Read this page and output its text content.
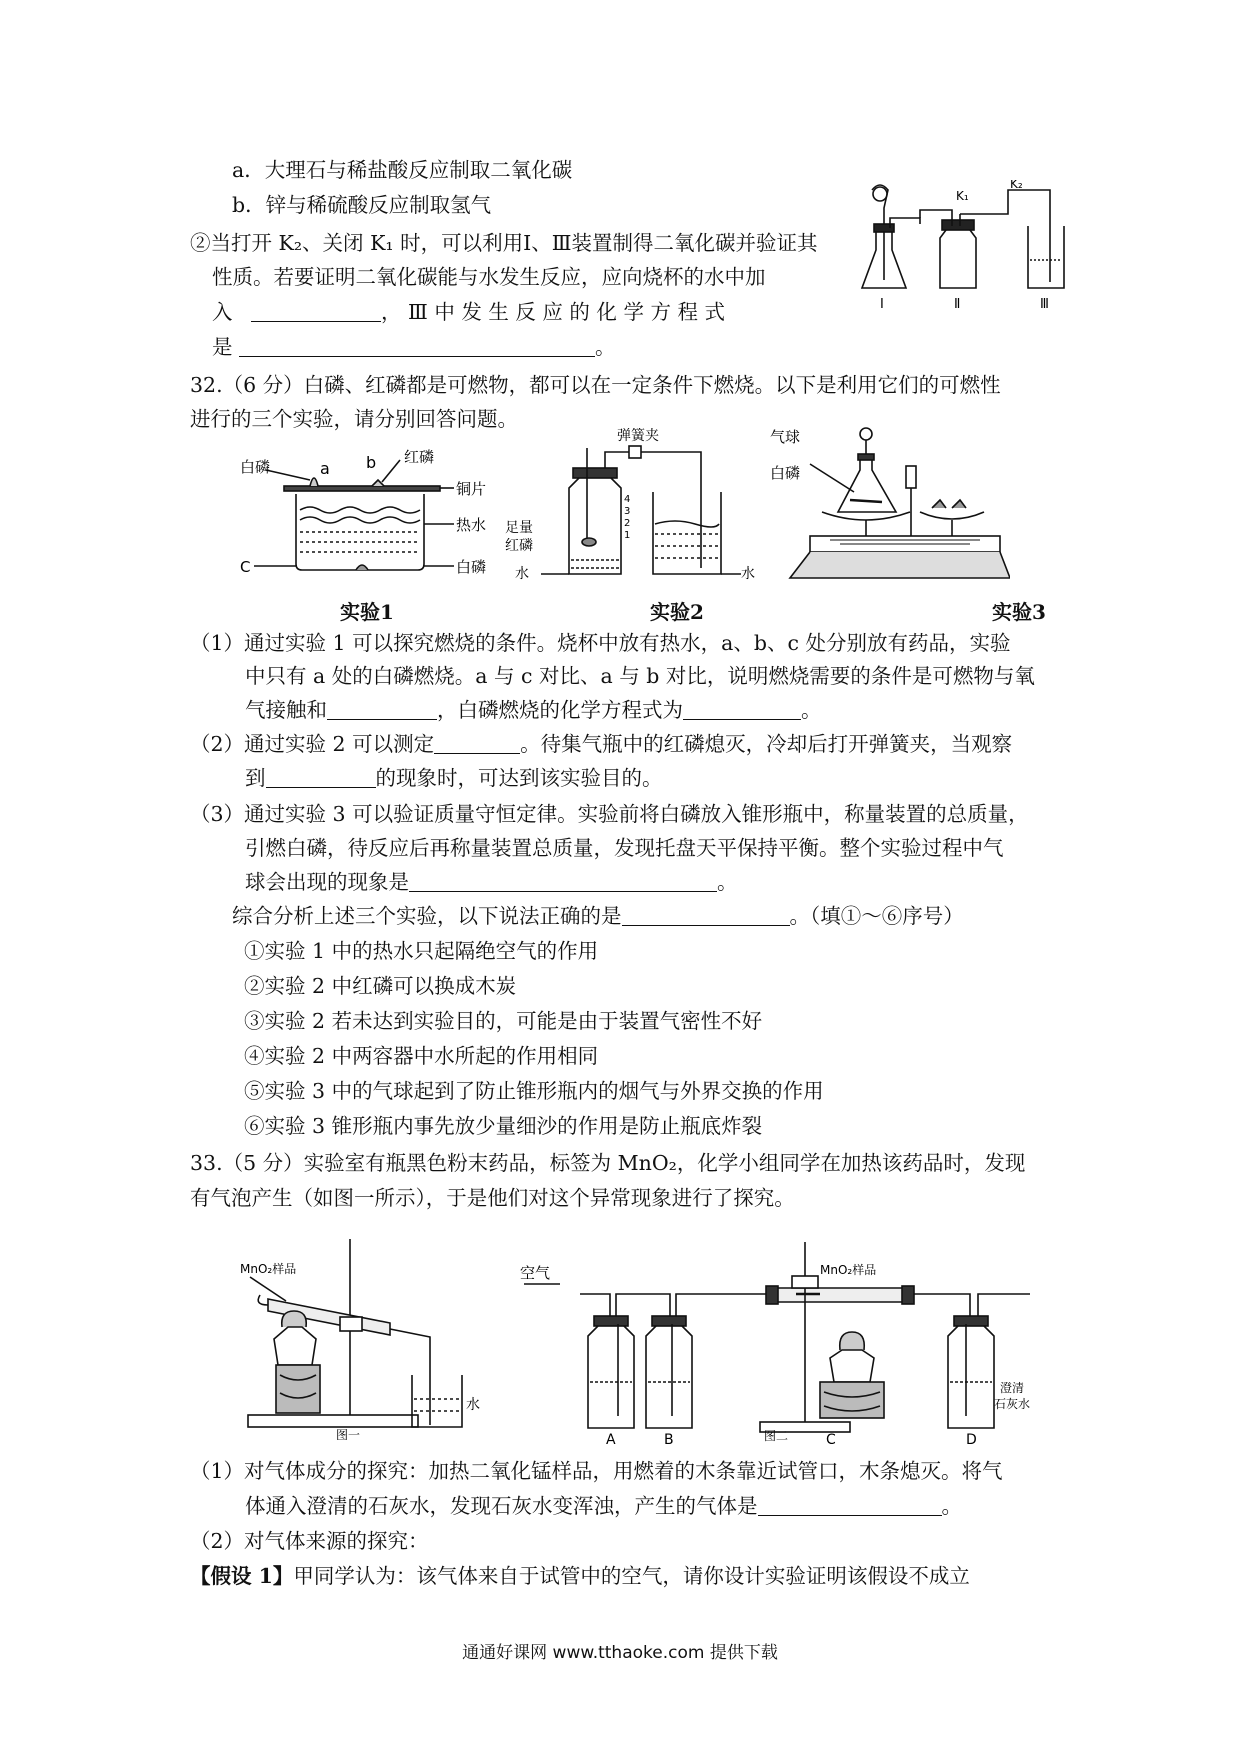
a．大理石与稀盐酸反应制取二氧化碳
b．锌与稀硫酸反应制取氢气
②当打开 K₂、关闭 K₁ 时，可以利用Ⅰ、Ⅲ装置制得二氧化碳并验证其
性质。若要证明二氧化碳能与水发生反应，应向烧杯的水中加
入	， Ⅲ 中 发 生 反 应 的 化 学 方 程 式
是	。
K₁
K₂
Ⅰ	Ⅱ	Ⅲ
32.（6 分）白磷、红磷都是可燃物，都可以在一定条件下燃烧。以下是利用它们的可燃性
进行的三个实验，请分别回答问题。
白磷	a b 红磷
铜片
热水
C	白磷
弹簧夹
足量
红磷
水	水
4
3
2
1
气球
白磷
实验1	实验2	实验3
（1）通过实验 1 可以探究燃烧的条件。烧杯中放有热水，a、b、c 处分别放有药品，实验
中只有 a 处的白磷燃烧。a 与 c 对比、a 与 b 对比，说明燃烧需要的条件是可燃物与氧
气接触和	，白磷燃烧的化学方程式为	。
（2）通过实验 2 可以测定	。待集气瓶中的红磷熄灭，冷却后打开弹簧夹，当观察
到	的现象时，可达到该实验目的。
（3）通过实验 3 可以验证质量守恒定律。实验前将白磷放入锥形瓶中，称量装置的总质量，
引燃白磷，待反应后再称量装置总质量，发现托盘天平保持平衡。整个实验过程中气
球会出现的现象是	。
综合分析上述三个实验，以下说法正确的是	。（填①～⑥序号）
①实验 1 中的热水只起隔绝空气的作用
②实验 2 中红磷可以换成木炭
③实验 2 若未达到实验目的，可能是由于装置气密性不好
④实验 2 中两容器中水所起的作用相同
⑤实验 3 中的气球起到了防止锥形瓶内的烟气与外界交换的作用
⑥实验 3 锥形瓶内事先放少量细沙的作用是防止瓶底炸裂
33.（5 分）实验室有瓶黑色粉末药品，标签为 MnO₂，化学小组同学在加热该药品时，发现
有气泡产生（如图一所示），于是他们对这个异常现象进行了探究。
MnO₂样品
水
图一
空气	MnO₂样品
A	B	C	D
澄清
石灰水
图二
（1）对气体成分的探究：加热二氧化锰样品，用燃着的木条靠近试管口，木条熄灭。将气
体通入澄清的石灰水，发现石灰水变浑浊，产生的气体是	。
（2）对气体来源的探究：
【假设 1】甲同学认为：该气体来自于试管中的空气，请你设计实验证明该假设不成立
通通好课网 www.tthaoke.com 提供下载
